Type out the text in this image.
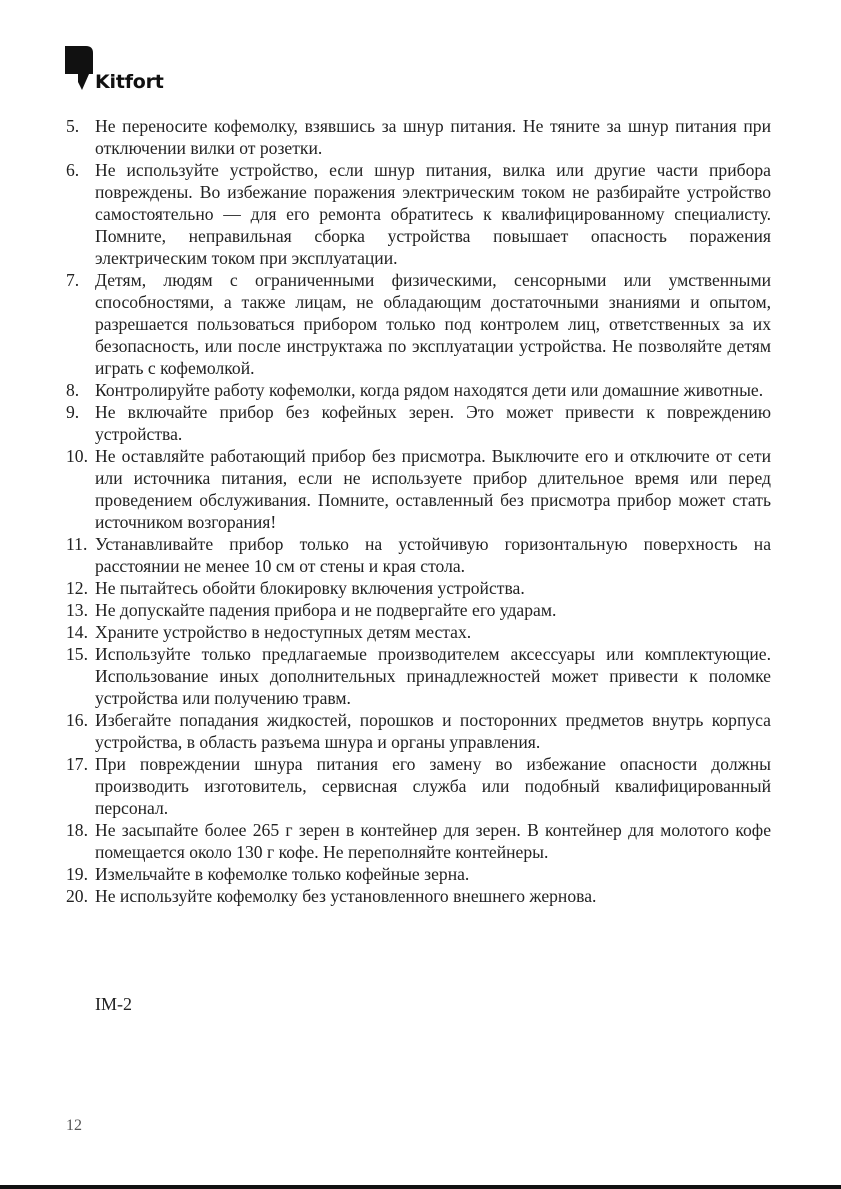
Kitfort
5. Не переносите кофемолку, взявшись за шнур питания. Не тяните за шнур питания при отключении вилки от розетки.
6. Не используйте устройство, если шнур питания, вилка или другие части прибора повреждены. Во избежание поражения электрическим током не разбирайте устройство самостоятельно — для его ремонта обратитесь к квалифицированному специалисту. Помните, неправильная сборка устройства повышает опасность поражения электрическим током при эксплуатации.
7. Детям, людям с ограниченными физическими, сенсорными или умственными способностями, а также лицам, не обладающим достаточными знаниями и опытом, разрешается пользоваться прибором только под контролем лиц, ответственных за их безопасность, или после инструктажа по эксплуатации устройства. Не позволяйте детям играть с кофемолкой.
8. Контролируйте работу кофемолки, когда рядом находятся дети или домашние животные.
9. Не включайте прибор без кофейных зерен. Это может привести к повреждению устройства.
10. Не оставляйте работающий прибор без присмотра. Выключите его и отключите от сети или источника питания, если не используете прибор длительное время или перед проведением обслуживания. Помните, оставленный без присмотра прибор может стать источником возгорания!
11. Устанавливайте прибор только на устойчивую горизонтальную поверхность на расстоянии не менее 10 см от стены и края стола.
12. Не пытайтесь обойти блокировку включения устройства.
13. Не допускайте падения прибора и не подвергайте его ударам.
14. Храните устройство в недоступных детям местах.
15. Используйте только предлагаемые производителем аксессуары или комплектующие. Использование иных дополнительных принадлежностей может привести к поломке устройства или получению травм.
16. Избегайте попадания жидкостей, порошков и посторонних предметов внутрь корпуса устройства, в область разъема шнура и органы управления.
17. При повреждении шнура питания его замену во избежание опасности должны производить изготовитель, сервисная служба или подобный квалифицированный персонал.
18. Не засыпайте более 265 г зерен в контейнер для зерен. В контейнер для молотого кофе помещается около 130 г кофе. Не переполняйте контейнеры.
19. Измельчайте в кофемолке только кофейные зерна.
20. Не используйте кофемолку без установленного внешнего жернова.
IM-2
12
